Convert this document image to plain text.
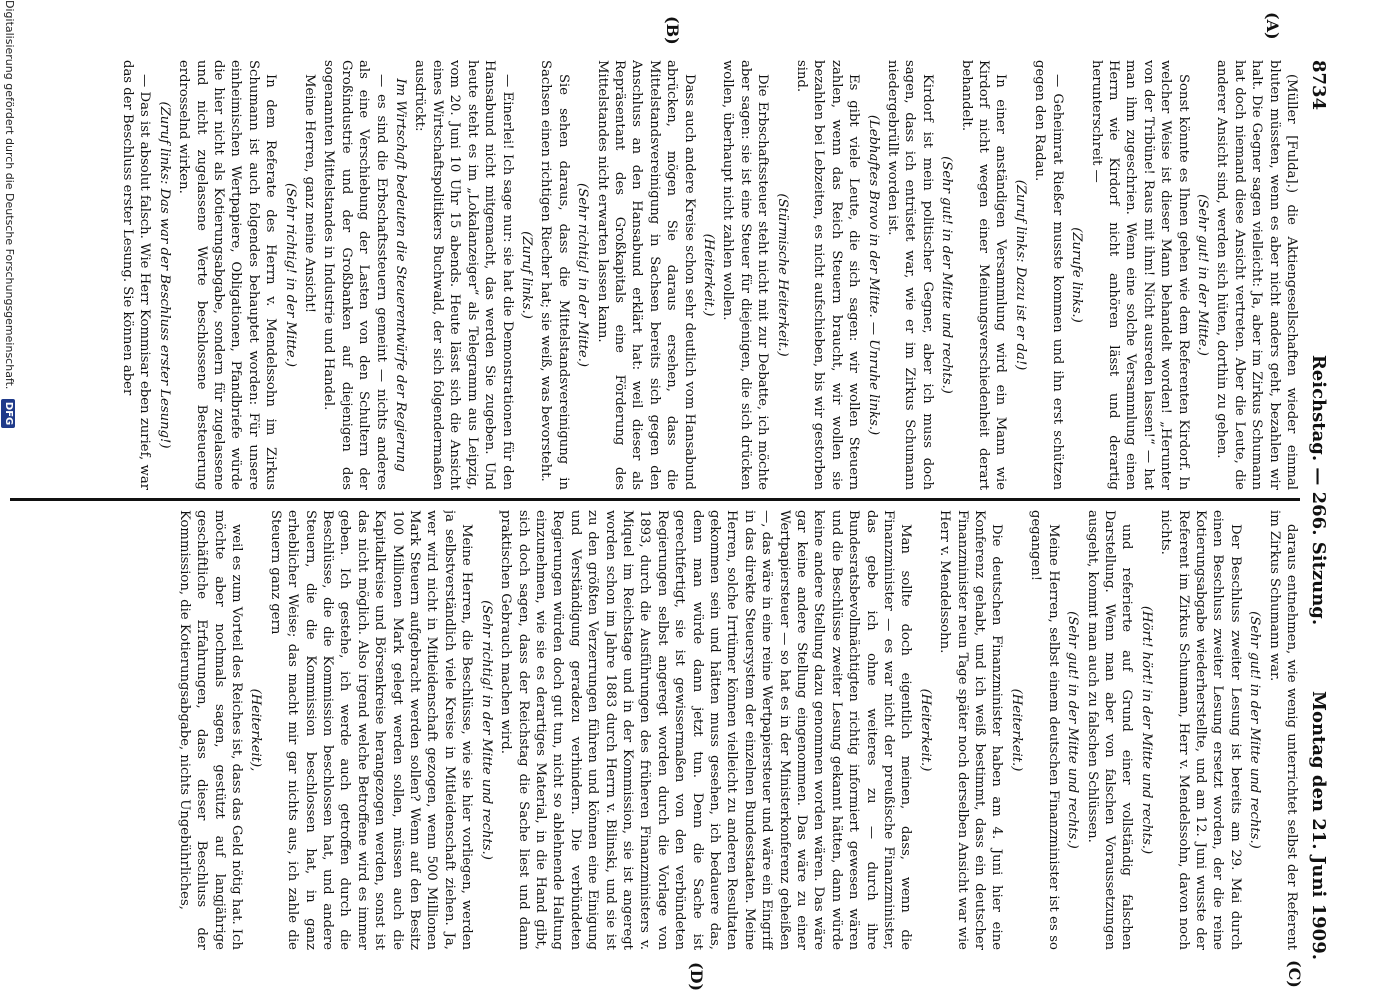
8734
Reichstag. — 266. Sitzung.
Montag den 21. Juni 1909.
(A)
(B)
(C)
(D)

(Müller [Fulda].) die Aktiengesellschaften wieder einmal bluten müssten, wenn es aber nicht anders geht, bezahlen wir halt. Die Gegner sagen vielleicht: Ja, aber im Zirkus Schumann hat doch niemand diese Ansicht vertreten. Aber die Leute, die anderer Ansicht sind, werden sich hüten, dorthin zu gehen.

(Sehr gut! in der Mitte.)

Sonst könnte es Ihnen gehen wie dem Referenten Kirdorf. In welcher Weise ist dieser Mann behandelt worden! „Herunter von der Tribüne! Raus mit ihm! Nicht ausreden lassen!“ — hat man ihm zugeschrien. Wenn eine solche Versammlung einen Herrn wie Kirdorf nicht anhören lässt und derartig herunterschreit —

(Zurufe links.)

— Geheimrat Rießer musste kommen und ihn erst schützen gegen den Radau.

(Zuruf links: Dazu ist er da!)

In einer anständigen Versammlung wird ein Mann wie Kirdorf nicht wegen einer Meinungsverschiedenheit derart behandelt.

(Sehr gut! in der Mitte und rechts.)

Kirdorf ist mein politischer Gegner, aber ich muss doch sagen, dass ich entrüstet war, wie er im Zirkus Schumann niedergebrüllt worden ist.

(Lebhaftes Bravo in der Mitte. — Unruhe links.)

Es gibt viele Leute, die sich sagen: wir wollen Steuern zahlen, wenn das Reich Steuern braucht, wir wollen sie bezahlen bei Lebzeiten, es nicht aufschieben, bis wir gestorben sind.

(Stürmische Heiterkeit.)

Die Erbschaftssteuer steht nicht mit zur Debatte, ich möchte aber sagen: sie ist eine Steuer für diejenigen, die sich drücken wollen, überhaupt nicht zahlen wollen.

(Heiterkeit.)

Dass auch andere Kreise schon sehr deutlich vom Hansabund abrücken, mögen Sie daraus ersehen, dass die Mittelstandsvereinigung in Sachsen bereits sich gegen den Anschluss an den Hansabund erklärt hat: weil dieser als Repräsentant des Großkapitals eine Förderung des Mittelstandes nicht erwarten lassen kann.

(Sehr richtig! in der Mitte.)

Sie sehen daraus, dass die Mittelstandsvereinigung in Sachsen einen richtigen Riecher hat; sie weiß, was bevorsteht.

(Zuruf links.)

— Einerlei! Ich sage nur: sie hat die Demonstrationen für den Hansabund nicht mitgemacht, das werden Sie zugeben. Und heute steht es im „Lokalanzeiger“ als Telegramm aus Leipzig, vom 20. Juni 10 Uhr 15 abends. Heute lässt sich die Ansicht eines Wirtschaftspolitikers Buchwald, der sich folgendermaßen ausdrückt:

Im Wirtschaft bedeuten die Steuerentwürfe der Regierung

— es sind die Erbschaftssteuern gemeint — nichts anderes als eine Verschiebung der Lasten von den Schultern der Großindustrie und der Großbanken auf diejenigen des sogenannten Mittelstandes in Industrie und Handel.

Meine Herren, ganz meine Ansicht!

(Sehr richtig! in der Mitte.)

In dem Referate des Herrn v. Mendelssohn im Zirkus Schumann ist auch folgendes behauptet worden: Für unsere einheimischen Wertpapiere, Obligationen, Pfandbriefe würde die hier nicht als Kotierungsabgabe, sondern für zugelassene und nicht zugelassene Werte beschlossene Besteuerung erdrosselnd wirken.

(Zuruf links: Das war der Beschluss erster Lesung!)

— Das ist absolut falsch. Wie Herr Kommisar eben zurief, war das der Beschluss erster Lesung. Sie können aber

daraus entnehmen, wie wenig unterrichtet selbst der Referent im Zirkus Schumann war.

(Sehr gut! in der Mitte und rechts.)

Der Beschluss zweiter Lesung ist bereits am 29. Mai durch einen Beschluss zweiter Lesung ersetzt worden, der die reine Kotierungsabgabe wiederherstellte, und am 12. Juni wusste der Referent im Zirkus Schumann, Herr v. Mendelssohn, davon noch nichts.

(Hört! hört! in der Mitte und rechts.)

und referierte auf Grund einer vollständig falschen Darstellung. Wenn man aber von falschen Voraussetzungen ausgeht, kommt man auch zu falschen Schlüssen.

(Sehr gut! in der Mitte und rechts.)

Meine Herren, selbst einem deutschen Finanzminister ist es so gegangen!

(Heiterkeit.)

Die deutschen Finanzminister haben am 4. Juni hier eine Konferenz gehabt, und ich weiß bestimmt, dass ein deutscher Finanzminister neun Tage später noch derselben Ansicht war wie Herr v. Mendelssohn.

(Heiterkeit.)

Man sollte doch eigentlich meinen, dass, wenn die Finanzminister — es war nicht der preußische Finanzminister, das gebe ich ohne weiteres zu — durch ihre Bundesratsbevollmächtigten richtig informiert gewesen wären und die Beschlüsse zweiter Lesung gekannt hätten, dann würde keine andere Stellung dazu genommen worden wären. Das wäre gar keine andere Stellung eingenommen. Das wäre zu einer Wertpapiersteuer — so hat es in der Ministerkonferenz geheißen —, das wäre in eine reine Wertpapiersteuer und wäre ein Eingriff in das direkte Steuersystem der einzelnen Bundesstaaten. Meine Herren, solche Irrtümer können vielleicht zu anderen Resultaten gekommen sein und hätten muss gesehen, ich bedauere das, denn man würde dann jetzt tun. Denn die Sache ist gerechtfertigt, sie ist gewissermaßen von den verbündeten Regierungen selbst angeregt worden durch die Vorlage von 1893, durch die Ausführungen des früheren Finanzministers v. Miquel im Reichstage und in der Kommission, sie ist angeregt worden schon im Jahre 1883 durch Herrn v. Bilinski, und sie ist zu den größten Verzerrungen führen und können eine Einigung und Verständigung geradezu verhindern. Die verbündeten Regierungen würden doch gut tun, nicht so ablehnende Haltung einzunehmen, wie sie es derartiges Material, in die Hand gibt, sich doch sagen, dass der Reichstag die Sache liest und dann praktischen Gebrauch machen wird.

(Sehr richtig! in der Mitte und rechts.)

Meine Herren, die Beschlüsse, wie sie hier vorliegen, werden ja selbstverständlich viele Kreise in Mitleidenschaft ziehen. Ja, wer wird nicht in Mitleidenschaft gezogen, wenn 500 Millionen Mark Steuern aufgebracht werden sollen? Wenn auf den Besitz 100 Millionen Mark gelegt werden sollen, müssen auch die Kapitalkreise und Börsenkreise herangezogen werden, sonst ist das nicht möglich. Also irgend welche Betroffene wird es immer geben. Ich gestehe, ich werde auch getroffen durch die Beschlüsse, die die Kommission beschlossen hat, und andere Steuern, die die Kommission beschlossen hat, in ganz erheblicher Weise; das macht mir gar nichts aus, ich zahle die Steuern ganz gern

(Heiterkeit),

weil es zum Vorteil des Reiches ist, dass das Geld nötig hat. Ich möchte aber nochmals sagen, gestützt auf langjährige geschäftliche Erfahrungen, dass dieser Beschluss der Kommission, die Kotierungsabgabe, nichts Ungebührliches,

Digitalisierung gefördert durch die Deutsche Forschungsgemeinschaft. DFG
